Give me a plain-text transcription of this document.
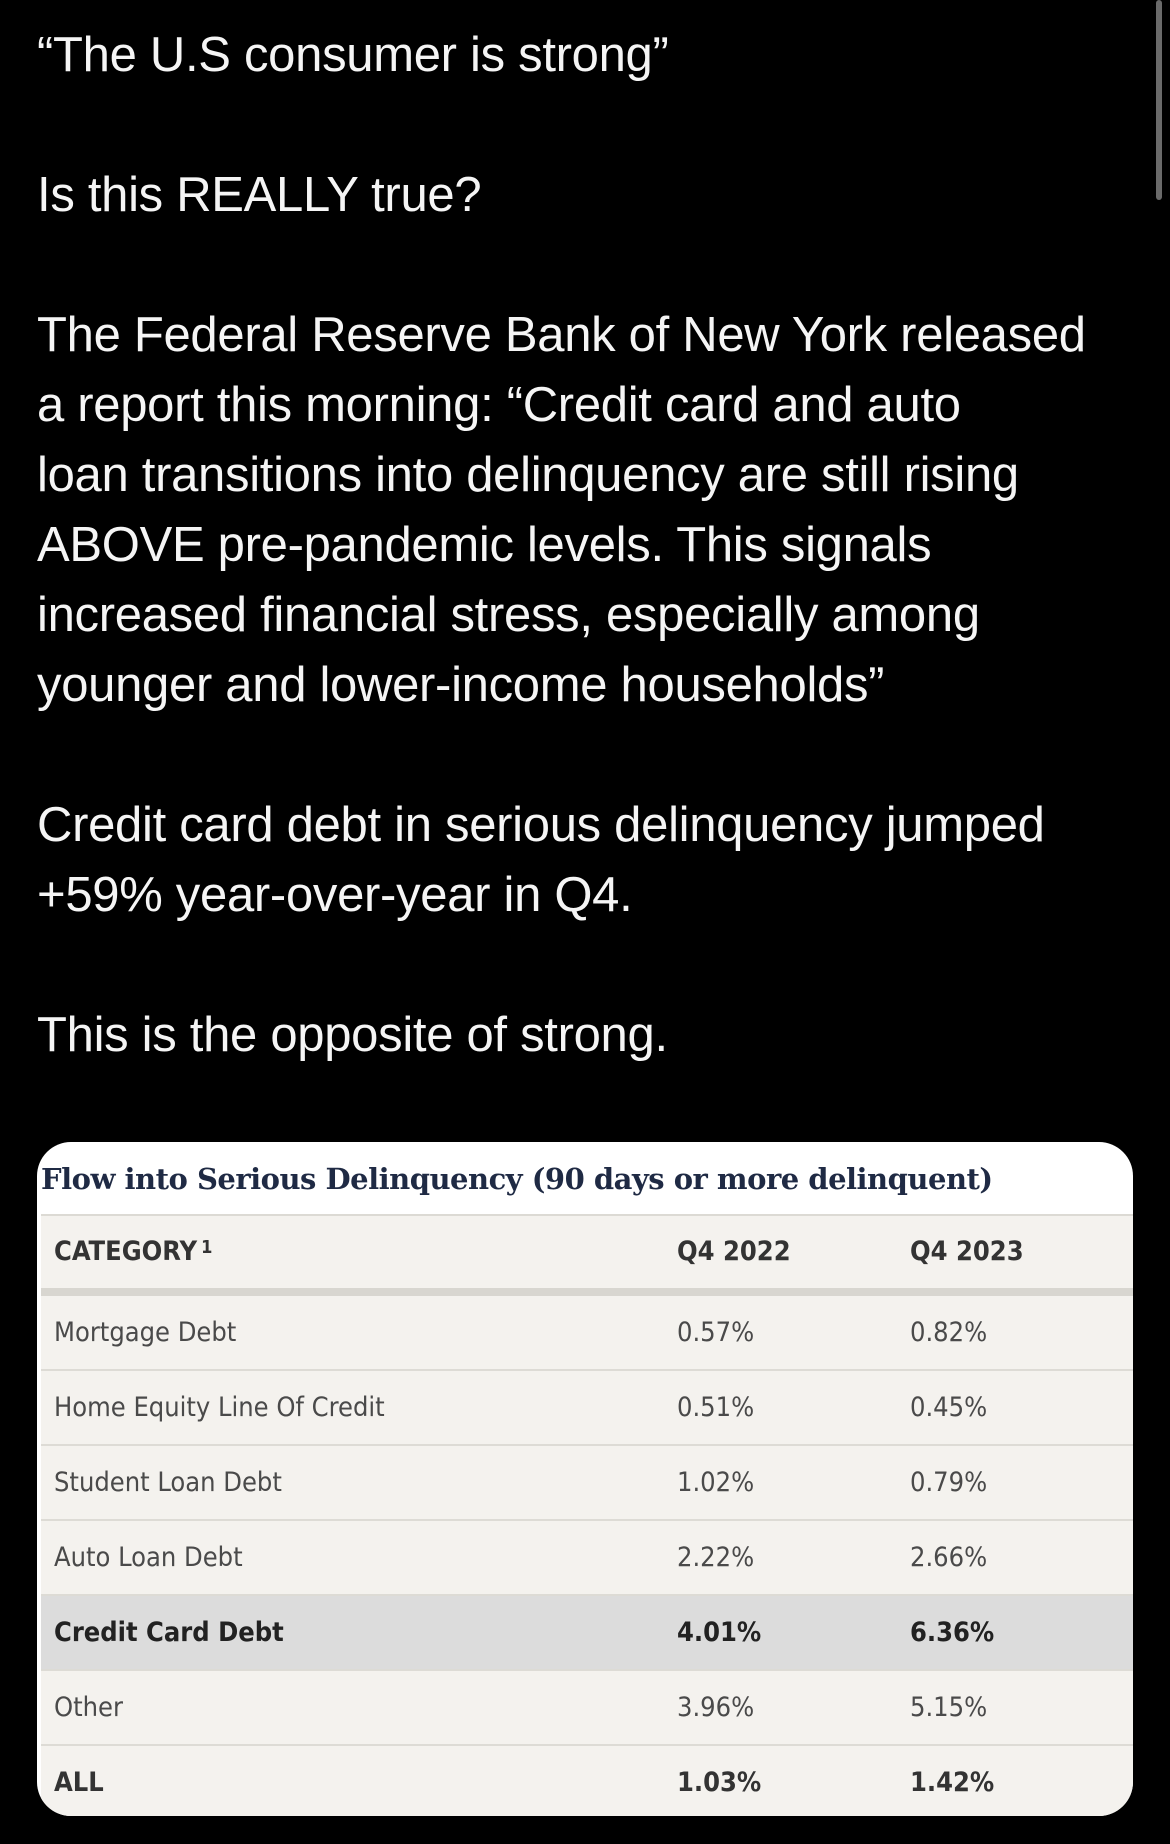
“The U.S consumer is strong”

Is this REALLY true?

The Federal Reserve Bank of New York released

a report this morning: “Credit card and auto

loan transitions into delinquency are still rising

ABOVE pre-pandemic levels. This signals

increased financial stress, especially among

younger and lower-income households”

Credit card debt in serious delinquency jumped

+59% year-over-year in Q4.

This is the opposite of strong.

Flow into Serious Delinquency (90 days or more delinquent)
CATEGORY $^1$	Q4 2022	Q4 2023
Mortgage Debt	0.57%	0.82%
Home Equity Line Of Credit	0.51%	0.45%
Student Loan Debt	1.02%	0.79%
Auto Loan Debt	2.22%	2.66%
Credit Card Debt	4.01%	6.36%
Other	3.96%	5.15%
ALL	1.03%	1.42%
